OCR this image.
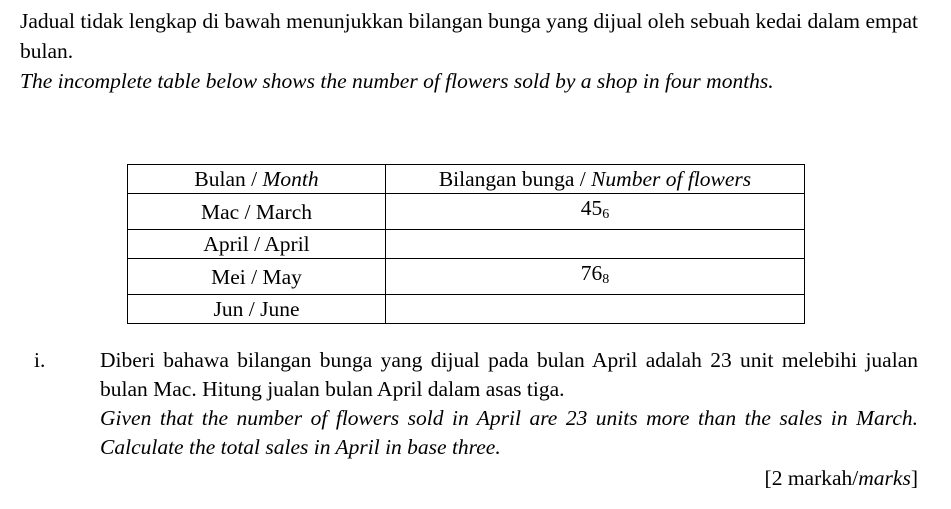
Jadual tidak lengkap di bawah menunjukkan bilangan bunga yang dijual oleh sebuah kedai dalam empat bulan.

The incomplete table below shows the number of flowers sold by a shop in four months.

Bulan / Month	Bilangan bunga / Number of flowers
Mac / March	$45_6$
April / April	
Mei / May	$76_8$
Jun / June	
i.	Diberi bahawa bilangan bunga yang dijual pada bulan April adalah 23 unit melebihi jualan bulan Mac. Hitung jualan bulan April dalam asas tiga.

Given that the number of flowers sold in April are 23 units more than the sales in March. Calculate the total sales in April in base three.

[2 markah/marks]
